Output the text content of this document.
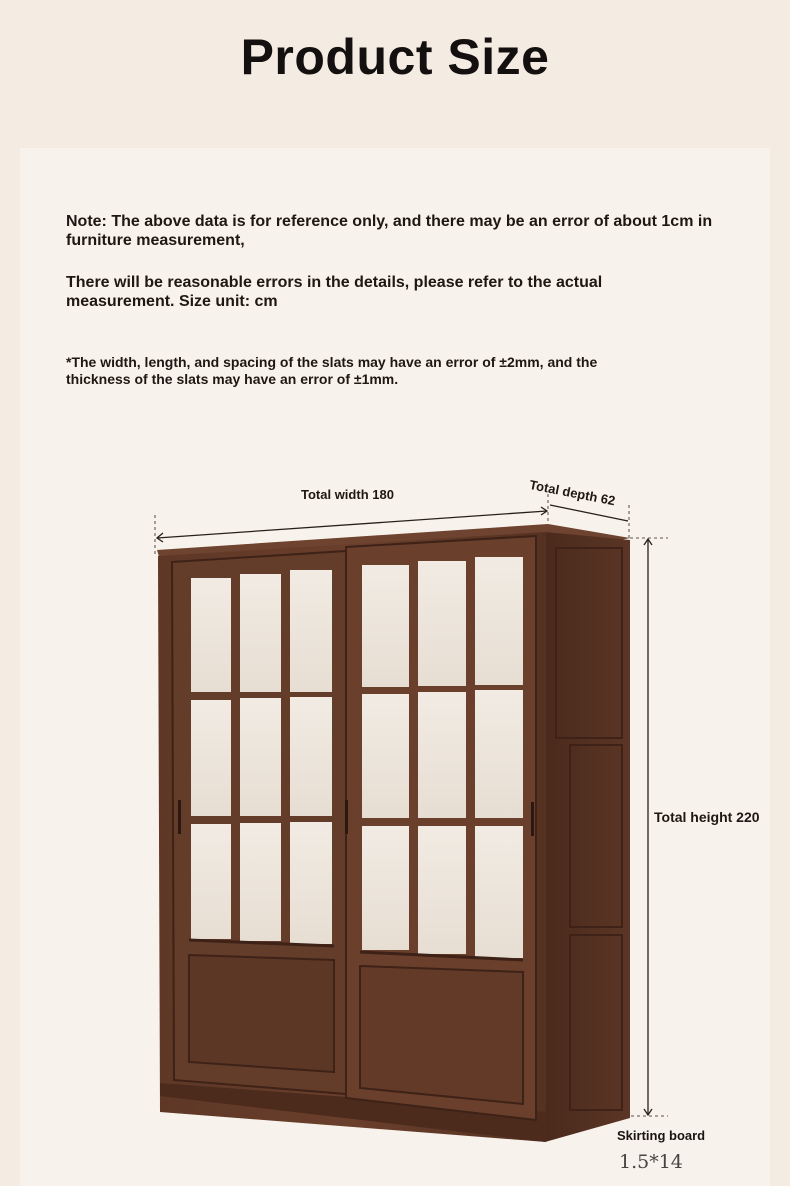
Product Size
Note: The above data is for reference only, and there may be an error of about 1cm in furniture measurement,
There will be reasonable errors in the details, please refer to the actual measurement. Size unit: cm
*The width, length, and spacing of the slats may have an error of ±2mm, and the thickness of the slats may have an error of ±1mm.
Total width 180	Total depth 62
Total height 220
Skirting board
1.5*14
